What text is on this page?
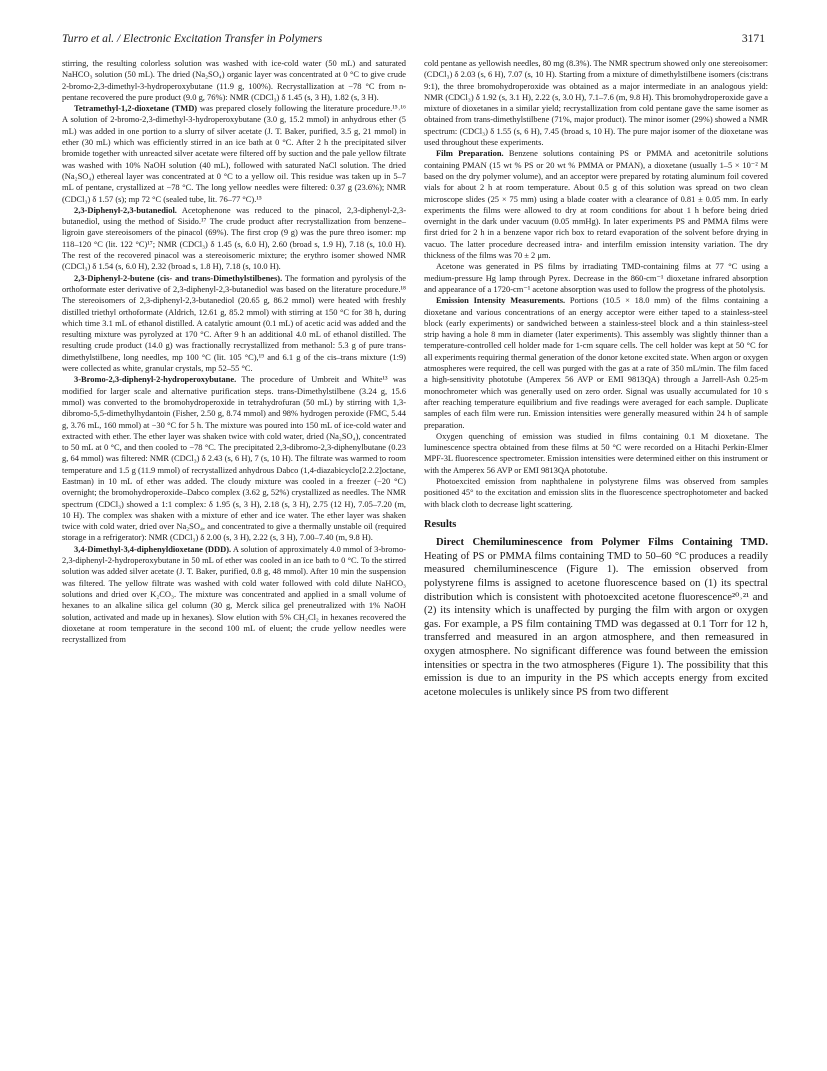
Turro et al. / Electronic Excitation Transfer in Polymers	3171

stirring, the resulting colorless solution was washed with ice-cold water (50 mL) and saturated NaHCO₃ solution (50 mL). The dried (Na₂SO₄) organic layer was concentrated at 0 °C to give crude 2-bromo-2,3-dimethyl-3-hydroperoxybutane (11.9 g, 100%). Recrystallization at −78 °C from n-pentane recovered the pure product (9.0 g, 76%): NMR (CDCl₃) δ 1.45 (s, 3 H), 1.82 (s, 3 H).

Tetramethyl-1,2-dioxetane (TMD) was prepared closely following the literature procedure.¹⁵˒¹⁶ A solution of 2-bromo-2,3-dimethyl-3-hydroperoxybutane (3.0 g, 15.2 mmol) in anhydrous ether (5 mL) was added in one portion to a slurry of silver acetate (J. T. Baker, purified, 3.5 g, 21 mmol) in ether (30 mL) which was efficiently stirred in an ice bath at 0 °C. After 2 h the precipitated silver bromide together with unreacted silver acetate were filtered off by suction and the pale yellow filtrate was washed with 10% NaOH solution (40 mL), followed with saturated NaCl solution. The dried (Na₂SO₄) ethereal layer was concentrated at 0 °C to a yellow oil. This residue was taken up in 5–7 mL of pentane, crystallized at −78 °C. The long yellow needles were filtered: 0.37 g (23.6%); NMR (CDCl₃) δ 1.57 (s); mp 72 °C (sealed tube, lit. 76–77 °C).¹⁵

2,3-Diphenyl-2,3-butanediol. Acetophenone was reduced to the pinacol, 2,3-diphenyl-2,3-butanediol, using the method of Sisido.¹⁷ The crude product after recrystallization from benzene–ligroin gave stereoisomers of the pinacol (69%). The first crop (9 g) was the pure threo isomer: mp 118–120 °C (lit. 122 °C)¹⁷; NMR (CDCl₃) δ 1.45 (s, 6.0 H), 2.60 (broad s, 1.9 H), 7.18 (s, 10.0 H). The rest of the recovered pinacol was a stereoisomeric mixture; the erythro isomer showed NMR (CDCl₃) δ 1.54 (s, 6.0 H), 2.32 (broad s, 1.8 H), 7.18 (s, 10.0 H).

2,3-Diphenyl-2-butene (cis- and trans-Dimethylstilbenes). The formation and pyrolysis of the orthoformate ester derivative of 2,3-diphenyl-2,3-butanediol was based on the literature procedure.¹⁸ The stereoisomers of 2,3-diphenyl-2,3-butanediol (20.65 g, 86.2 mmol) were heated with freshly distilled triethyl orthoformate (Aldrich, 12.61 g, 85.2 mmol) with stirring at 150 °C for 38 h, during which time 3.1 mL of ethanol distilled. A catalytic amount (0.1 mL) of acetic acid was added and the resulting mixture was pyrolyzed at 170 °C. After 9 h an additional 4.0 mL of ethanol distilled. The resulting crude product (14.0 g) was fractionally recrystallized from methanol: 5.3 g of pure trans-dimethylstilbene, long needles, mp 100 °C (lit. 105 °C),¹⁹ and 6.1 g of the cis–trans mixture (1:9) were collected as white, granular crystals, mp 52–55 °C.

3-Bromo-2,3-diphenyl-2-hydroperoxybutane. The procedure of Umbreit and White¹³ was modified for larger scale and alternative purification steps. trans-Dimethylstilbene (3.24 g, 15.6 mmol) was converted to the bromohydroperoxide in tetrahydrofuran (50 mL) by stirring with 1,3-dibromo-5,5-dimethylhydantoin (Fisher, 2.50 g, 8.74 mmol) and 98% hydrogen peroxide (FMC, 5.44 g, 3.76 mL, 160 mmol) at −30 °C for 5 h. The mixture was poured into 150 mL of ice-cold water and extracted with ether. The ether layer was shaken twice with cold water, dried (Na₂SO₄), concentrated to 50 mL at 0 °C, and then cooled to −78 °C. The precipitated 2,3-dibromo-2,3-diphenylbutane (0.23 g, 64 mmol) was filtered: NMR (CDCl₃) δ 2.43 (s, 6 H), 7 (s, 10 H). The filtrate was warmed to room temperature and 1.5 g (11.9 mmol) of recrystallized anhydrous Dabco (1,4-diazabicyclo[2.2.2]octane, Eastman) in 10 mL of ether was added. The cloudy mixture was cooled in a freezer (−20 °C) overnight; the bromohydroperoxide–Dabco complex (3.62 g, 52%) crystallized as needles. The NMR spectrum (CDCl₃) showed a 1:1 complex: δ 1.95 (s, 3 H), 2.18 (s, 3 H), 2.75 (12 H), 7.05–7.20 (m, 10 H). The complex was shaken with a mixture of ether and ice water. The ether layer was shaken twice with cold water, dried over Na₂SO₄, and concentrated to give a thermally unstable oil (required storage in a refrigerator): NMR (CDCl₃) δ 2.00 (s, 3 H), 2.22 (s, 3 H), 7.00–7.40 (m, 9.8 H).

3,4-Dimethyl-3,4-diphenyldioxetane (DDD). A solution of approximately 4.0 mmol of 3-bromo-2,3-diphenyl-2-hydroperoxybutane in 50 mL of ether was cooled in an ice bath to 0 °C. To the stirred solution was added silver acetate (J. T. Baker, purified, 0.8 g, 48 mmol). After 10 min the suspension was filtered. The yellow filtrate was washed with cold water followed with cold dilute NaHCO₃ solutions and dried over K₂CO₃. The mixture was concentrated and applied in a small volume of hexanes to an alkaline silica gel column (30 g, Merck silica gel preneutralized with 1% NaOH solution, activated and made up in hexanes). Slow elution with 5% CH₂Cl₂ in hexanes recovered the dioxetane at room temperature in the second 100 mL of eluent; the crude yellow needles were recrystallized from

cold pentane as yellowish needles, 80 mg (8.3%). The NMR spectrum showed only one stereoisomer: (CDCl₃) δ 2.03 (s, 6 H), 7.07 (s, 10 H). Starting from a mixture of dimethylstilbene isomers (cis:trans 9:1), the three bromohydroperoxide was obtained as a major intermediate in an analogous yield: NMR (CDCl₃) δ 1.92 (s, 3.1 H), 2.22 (s, 3.0 H), 7.1–7.6 (m, 9.8 H). This bromohydroperoxide gave a mixture of dioxetanes in a similar yield; recrystallization from cold pentane gave the same isomer as obtained from trans-dimethylstilbene (71%, major product). The minor isomer (29%) showed a NMR spectrum: (CDCl₃) δ 1.55 (s, 6 H), 7.45 (broad s, 10 H). The pure major isomer of the dioxetane was used throughout these experiments.

Film Preparation. Benzene solutions containing PS or PMMA and acetonitrile solutions containing PMAN (15 wt % PS or 20 wt % PMMA or PMAN), a dioxetane (usually 1–5 × 10⁻² M based on the dry polymer volume), and an acceptor were prepared by rotating aluminum foil covered vials for about 2 h at room temperature. About 0.5 g of this solution was spread on two clean microscope slides (25 × 75 mm) using a blade coater with a clearance of 0.81 ± 0.05 mm. In early experiments the films were allowed to dry at room conditions for about 1 h before being dried overnight in the dark under vacuum (0.05 mmHg). In later experiments PS and PMMA films were first dried for 2 h in a benzene vapor rich box to retard evaporation of the solvent before drying in vacuo. The latter procedure decreased intra- and interfilm emission intensity variation. The dry thickness of the films was 70 ± 2 μm.

Acetone was generated in PS films by irradiating TMD-containing films at 77 °C using a medium-pressure Hg lamp through Pyrex. Decrease in the 860-cm⁻¹ dioxetane infrared absorption and appearance of a 1720-cm⁻¹ acetone absorption was used to follow the progress of the photolysis.

Emission Intensity Measurements. Portions (10.5 × 18.0 mm) of the films containing a dioxetane and various concentrations of an energy acceptor were either taped to a stainless-steel block (early experiments) or sandwiched between a stainless-steel block and a thin stainless-steel strip having a hole 8 mm in diameter (later experiments). This assembly was slightly thinner than a temperature-controlled cell holder made for 1-cm square cells. The cell holder was kept at 50 °C for all experiments requiring thermal generation of the donor ketone excited state. When argon or oxygen atmospheres were required, the cell was purged with the gas at a rate of 350 mL/min. The film faced a high-sensitivity phototube (Amperex 56 AVP or EMI 9813QA) through a Jarrell-Ash 0.25-m monochrometer which was generally used on zero order. Signal was usually accumulated for 10 s after reaching temperature equilibrium and five readings were averaged for each sample. Duplicate samples of each film were run. Emission intensities were generally measured within 24 h of sample preparation.

Oxygen quenching of emission was studied in films containing 0.1 M dioxetane. The luminescence spectra obtained from these films at 50 °C were recorded on a Hitachi Perkin-Elmer MPF-3L fluorescence spectrometer. Emission intensities were determined either on this instrument or with the Amperex 56 AVP or EMI 9813QA phototube.

Photoexcited emission from naphthalene in polystyrene films was observed from samples positioned 45° to the excitation and emission slits in the fluorescence spectrophotometer and backed with black cloth to decrease light scattering.

Results

Direct Chemiluminescence from Polymer Films Containing TMD. Heating of PS or PMMA films containing TMD to 50–60 °C produces a readily measured chemiluminescence (Figure 1). The emission observed from polystyrene films is assigned to acetone fluorescence based on (1) its spectral distribution which is consistent with photoexcited acetone fluorescence²⁰˒²¹ and (2) its intensity which is unaffected by purging the film with argon or oxygen gas. For example, a PS film containing TMD was degassed at 0.1 Torr for 12 h, transferred and measured in an argon atmosphere, and then remeasured in oxygen atmosphere. No significant difference was found between the emission intensities or spectra in the two atmospheres (Figure 1). The possibility that this emission is due to an impurity in the PS which accepts energy from excited acetone molecules is unlikely since PS from two different
